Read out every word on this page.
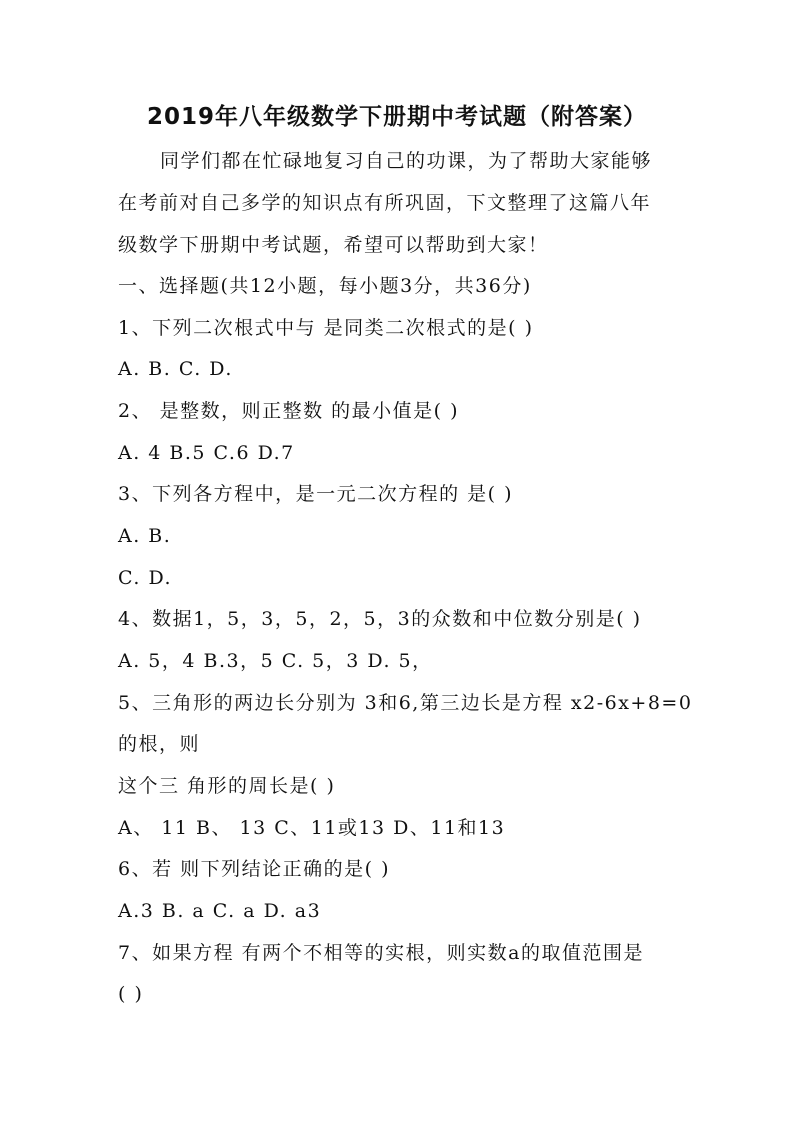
2019年八年级数学下册期中考试题（附答案）
同学们都在忙碌地复习自己的功课，为了帮助大家能够
在考前对自己多学的知识点有所巩固，下文整理了这篇八年
级数学下册期中考试题，希望可以帮助到大家！
一、选择题(共12小题，每小题3分，共36分)
1、下列二次根式中与 是同类二次根式的是( )
A. B. C. D.
2、 是整数，则正整数 的最小值是( )
A. 4 B.5 C.6 D.7
3、下列各方程中，是一元二次方程的 是( )
A. B.
C. D.
4、数据1，5，3，5，2，5，3的众数和中位数分别是( )
A. 5，4 B.3，5 C. 5，3 D. 5，
5、三角形的两边长分别为 3和6,第三边长是方程 x2-6x+8=0
的根，则
这个三 角形的周长是( )
A、 11 B、 13 C、11或13 D、11和13
6、若 则下列结论正确的是( )
A.3 B. a C. a D. a3
7、如果方程 有两个不相等的实根，则实数a的取值范围是
( )
